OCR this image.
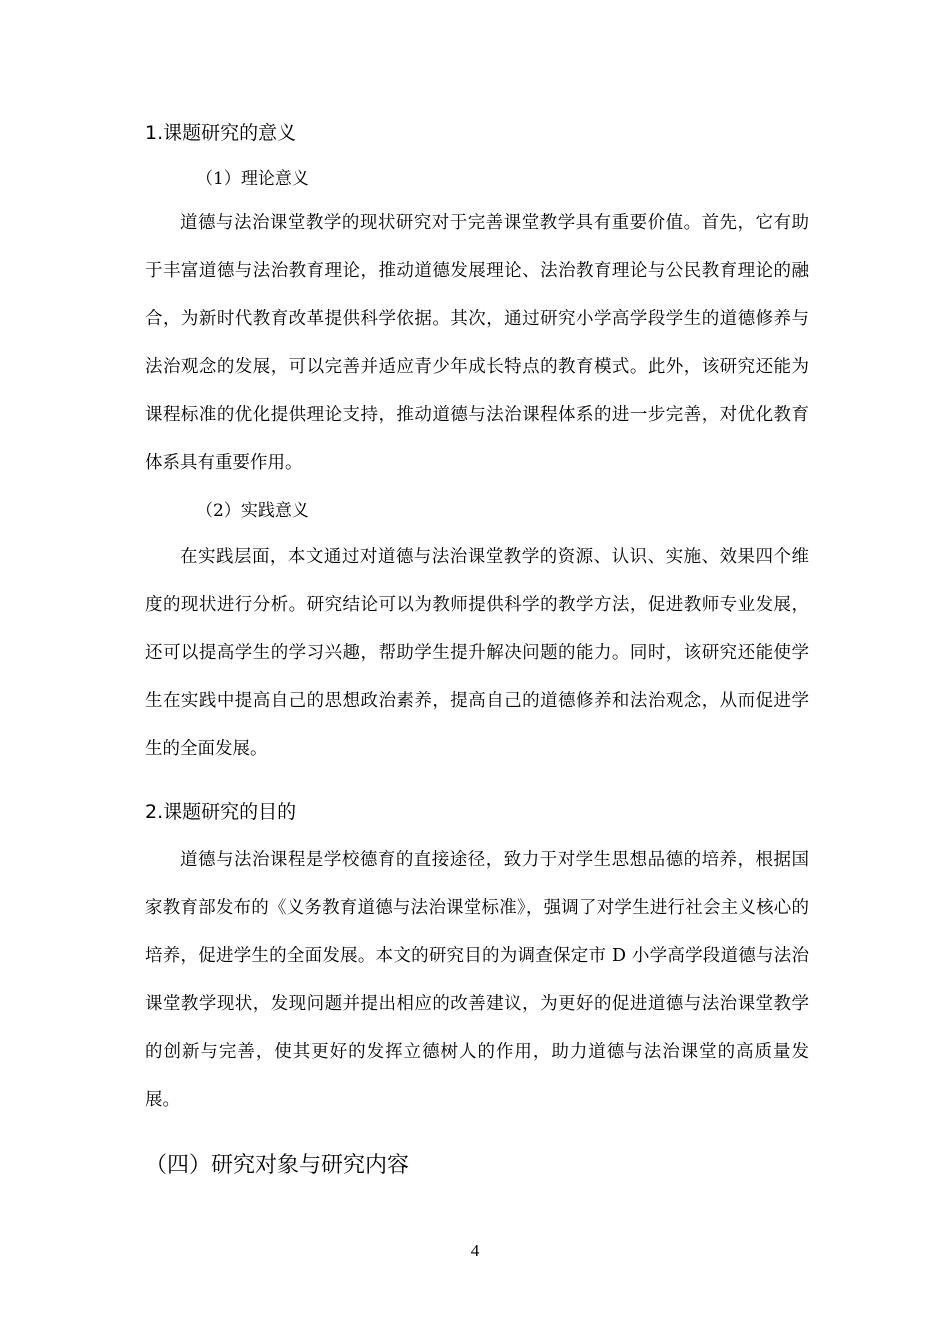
1.课题研究的意义
（1）理论意义

道德与法治课堂教学的现状研究对于完善课堂教学具有重要价值。首先，它有助于丰富道德与法治教育理论，推动道德发展理论、法治教育理论与公民教育理论的融合，为新时代教育改革提供科学依据。其次，通过研究小学高学段学生的道德修养与法治观念的发展，可以完善并适应青少年成长特点的教育模式。此外，该研究还能为课程标准的优化提供理论支持，推动道德与法治课程体系的进一步完善，对优化教育体系具有重要作用。

（2）实践意义

在实践层面，本文通过对道德与法治课堂教学的资源、认识、实施、效果四个维度的现状进行分析。研究结论可以为教师提供科学的教学方法，促进教师专业发展，还可以提高学生的学习兴趣，帮助学生提升解决问题的能力。同时，该研究还能使学生在实践中提高自己的思想政治素养，提高自己的道德修养和法治观念，从而促进学生的全面发展。

2.课题研究的目的

道德与法治课程是学校德育的直接途径，致力于对学生思想品德的培养，根据国家教育部发布的《义务教育道德与法治课堂标准》，强调了对学生进行社会主义核心的培养，促进学生的全面发展。本文的研究目的为调查保定市 D 小学高学段道德与法治课堂教学现状，发现问题并提出相应的改善建议，为更好的促进道德与法治课堂教学的创新与完善，使其更好的发挥立德树人的作用，助力道德与法治课堂的高质量发展。

（四）研究对象与研究内容
4
